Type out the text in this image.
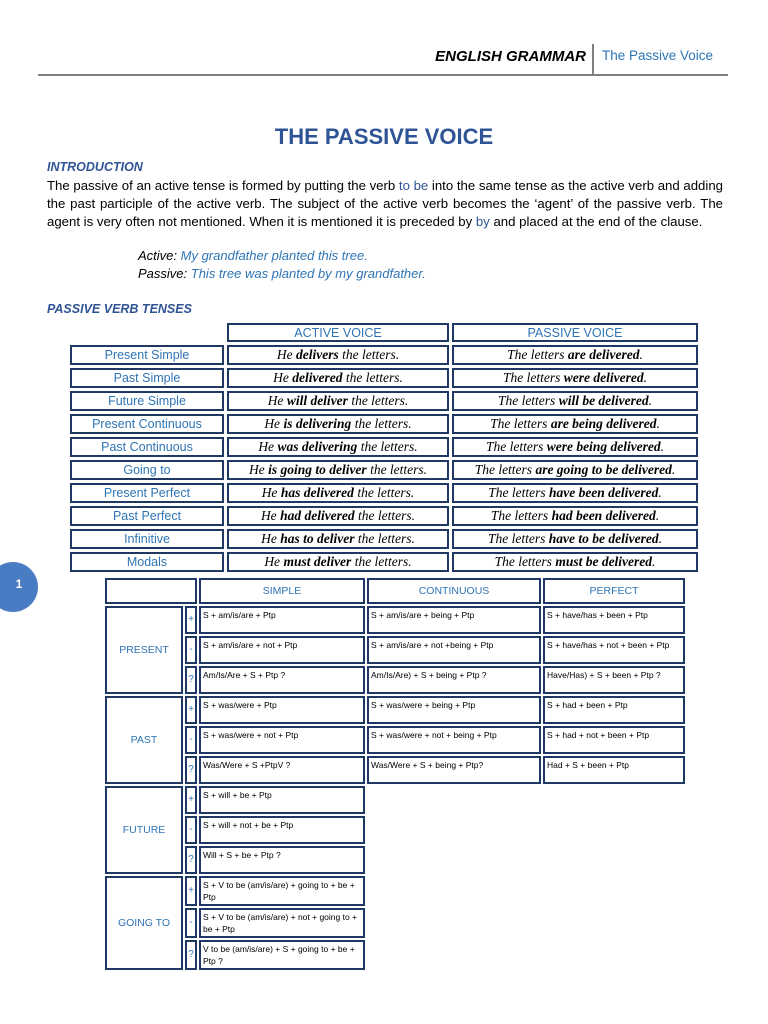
ENGLISH GRAMMAR The Passive Voice
THE PASSIVE VOICE
INTRODUCTION

The passive of an active tense is formed by putting the verb to be into the same tense as the active verb and adding the past participle of the active verb. The subject of the active verb becomes the ‘agent’ of the passive verb. The agent is very often not mentioned. When it is mentioned it is preceded by by and placed at the end of the clause.

Active: My grandfather planted this tree.
Passive: This tree was planted by my grandfather.
PASSIVE VERB TENSES
	ACTIVE VOICE	PASSIVE VOICE
Present Simple	He delivers the letters.	The letters are delivered.
Past Simple	He delivered the letters.	The letters were delivered.
Future Simple	He will deliver the letters.	The letters will be delivered.
Present Continuous	He is delivering the letters.	The letters are being delivered.
Past Continuous	He was delivering the letters.	The letters were being delivered.
Going to	He is going to deliver the letters.	The letters are going to be delivered.
Present Perfect	He has delivered the letters.	The letters have been delivered.
Past Perfect	He had delivered the letters.	The letters had been delivered.
Infinitive	He has to deliver the letters.	The letters have to be delivered.
Modals	He must deliver the letters.	The letters must be delivered.
1
		SIMPLE	CONTINUOUS	PERFECT
PRESENT	+	S + am/is/are + Ptp	S + am/is/are + being + Ptp	S + have/has + been + Ptp
	-	S + am/is/are + not + Ptp	S + am/is/are + not +being + Ptp	S + have/has + not + been + Ptp
	?	Am/Is/Are + S + Ptp ?	Am/Is/Are) + S + being + Ptp ?	Have/Has) + S + been + Ptp ?
PAST	+	S + was/were + Ptp	S + was/were + being + Ptp	S + had + been + Ptp
	-	S + was/were + not + Ptp	S + was/were + not + being + Ptp	S + had + not + been + Ptp
	?	Was/Were + S +PtpV ?	Was/Were + S + being + Ptp?	Had + S + been + Ptp
FUTURE	+	S + will + be + Ptp		
	-	S + will + not + be + Ptp		
	?	Will + S + be + Ptp ?		
GOING TO	+	S + V to be (am/is/are) + going to + be + Ptp		
	-	S + V to be (am/is/are) + not + going to + be + Ptp		
	?	V to be (am/is/are) + S + going to + be + Ptp ?		
